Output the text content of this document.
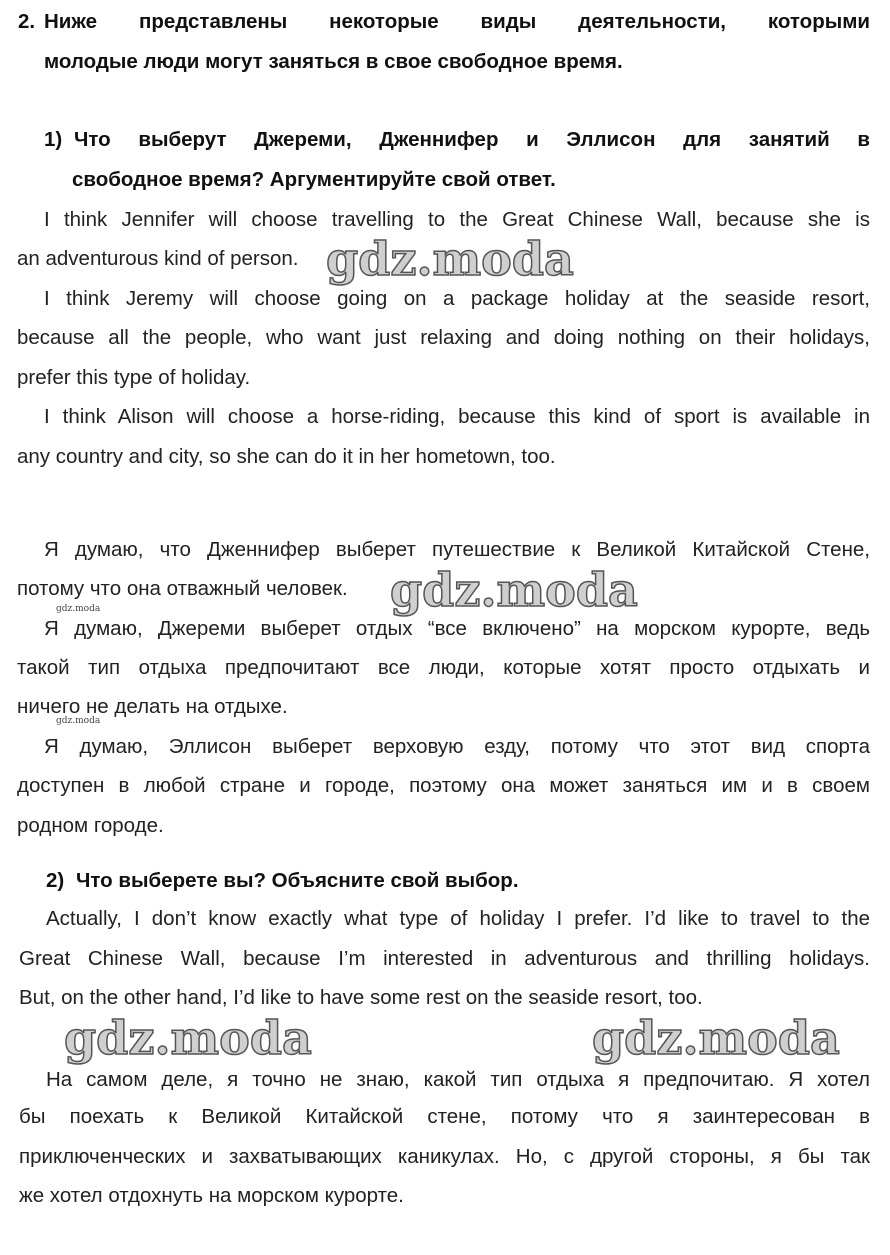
2. Ниже представлены некоторые виды деятельности, которыми
молодые люди могут заняться в свое свободное время.
1) Что выберут Джереми, Дженнифер и Эллисон для занятий в
свободное время? Аргументируйте свой ответ.
I think Jennifer will choose travelling to the Great Chinese Wall, because she is
an adventurous kind of person.
I think Jeremy will choose going on a package holiday at the seaside resort,
because all the people, who want just relaxing and doing nothing on their holidays,
prefer this type of holiday.
I think Alison will choose a horse-riding, because this kind of sport is available in
any country and city, so she can do it in her hometown, too.
Я думаю, что Дженнифер выберет путешествие к Великой Китайской Стене,
потому что она отважный человек.
Я думаю, Джереми выберет отдых “все включено” на морском курорте, ведь
такой тип отдыха предпочитают все люди, которые хотят просто отдыхать и
ничего не делать на отдыхе.
Я думаю, Эллисон выберет верховую езду, потому что этот вид спорта
доступен в любой стране и городе, поэтому она может заняться им и в своем
родном городе.
2) Что выберете вы? Объясните свой выбор.
Actually, I don’t know exactly what type of holiday I prefer. I’d like to travel to the
Great Chinese Wall, because I’m interested in adventurous and thrilling holidays.
But, on the other hand, I’d like to have some rest on the seaside resort, too.
На самом деле, я точно не знаю, какой тип отдыха я предпочитаю. Я хотел
бы поехать к Великой Китайской стене, потому что я заинтересован в
приключенческих и захватывающих каникулах. Но, с другой стороны, я бы так
же хотел отдохнуть на морском курорте.
gdz.moda
gdz.moda
gdz.moda	gdz.moda
gdz.moda
gdz.moda
